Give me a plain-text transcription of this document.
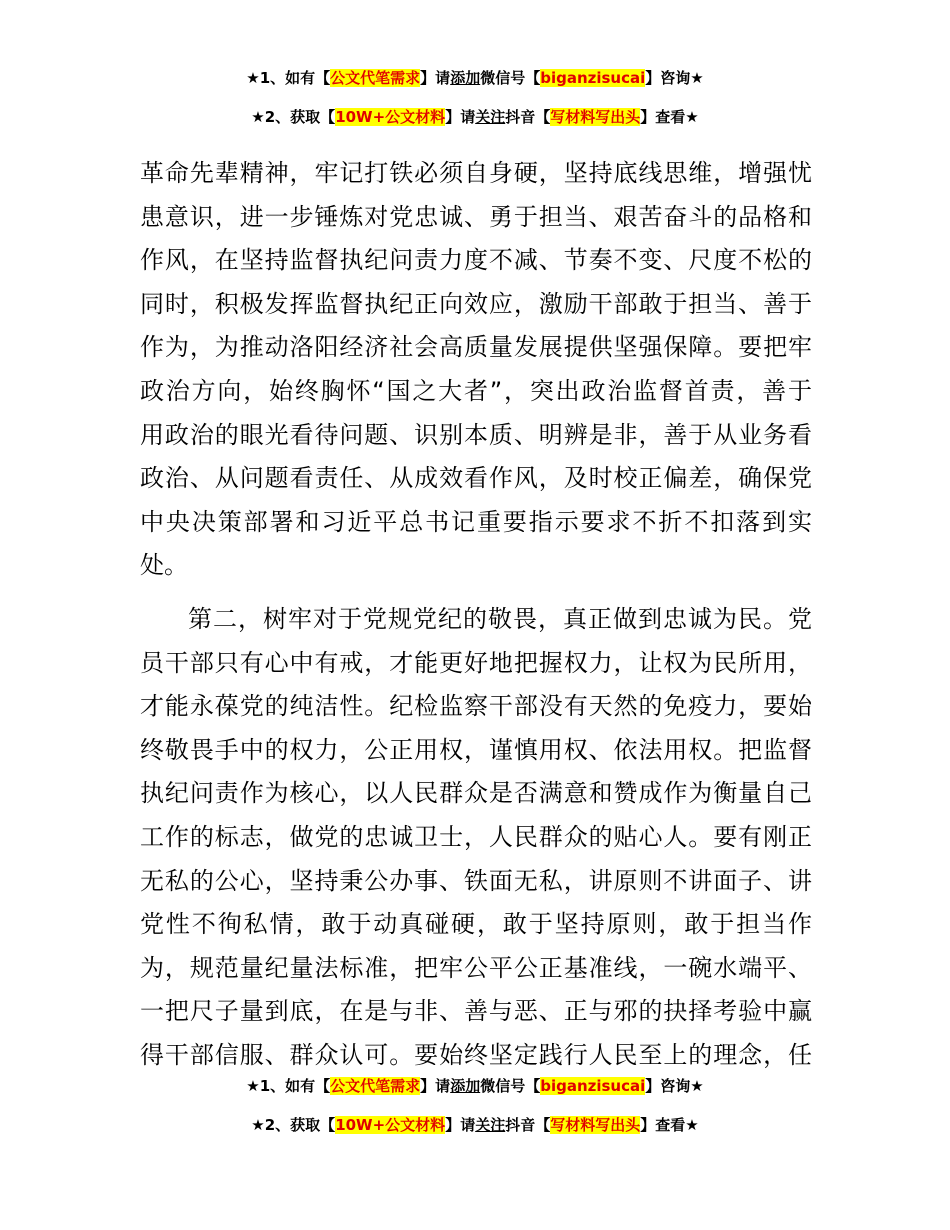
★1、如有【公文代笔需求】请添加微信号【biganzisucai】咨询★
★2、获取【10W+公文材料】请关注抖音【写材料写出头】查看★
革命先辈精神，牢记打铁必须自身硬，坚持底线思维，增强忧
患意识，进一步锤炼对党忠诚、勇于担当、艰苦奋斗的品格和
作风，在坚持监督执纪问责力度不减、节奏不变、尺度不松的
同时，积极发挥监督执纪正向效应，激励干部敢于担当、善于
作为，为推动洛阳经济社会高质量发展提供坚强保障。要把牢
政治方向，始终胸怀“国之大者”，突出政治监督首责，善于
用政治的眼光看待问题、识别本质、明辨是非，善于从业务看
政治、从问题看责任、从成效看作风，及时校正偏差，确保党
中央决策部署和习近平总书记重要指示要求不折不扣落到实
处。
第二，树牢对于党规党纪的敬畏，真正做到忠诚为民。党
员干部只有心中有戒，才能更好地把握权力，让权为民所用，
才能永葆党的纯洁性。纪检监察干部没有天然的免疫力，要始
终敬畏手中的权力，公正用权，谨慎用权、依法用权。把监督
执纪问责作为核心，以人民群众是否满意和赞成作为衡量自己
工作的标志，做党的忠诚卫士，人民群众的贴心人。要有刚正
无私的公心，坚持秉公办事、铁面无私，讲原则不讲面子、讲
党性不徇私情，敢于动真碰硬，敢于坚持原则，敢于担当作
为，规范量纪量法标准，把牢公平公正基准线，一碗水端平、
一把尺子量到底，在是与非、善与恶、正与邪的抉择考验中赢
得干部信服、群众认可。要始终坚定践行人民至上的理念，任
★1、如有【公文代笔需求】请添加微信号【biganzisucai】咨询★
★2、获取【10W+公文材料】请关注抖音【写材料写出头】查看★
